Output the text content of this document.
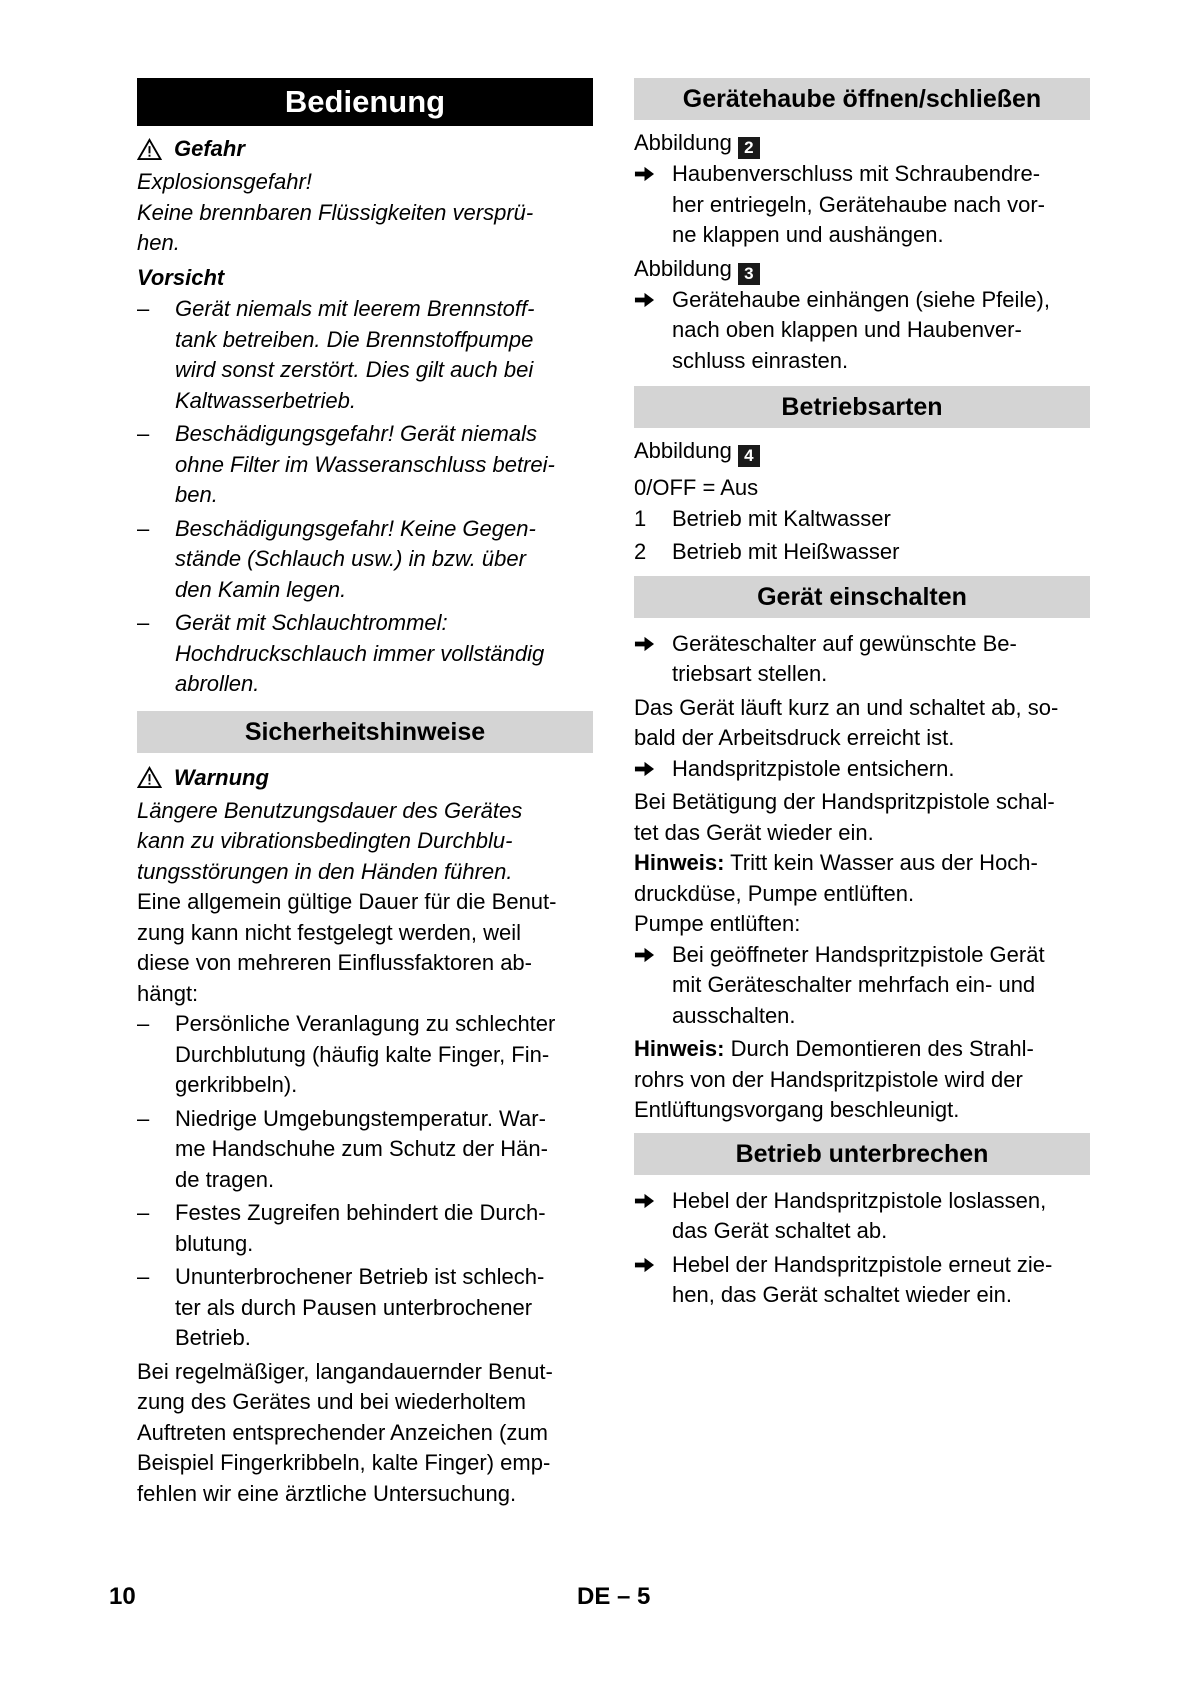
Bedienung
Gefahr

Explosionsgefahr!

Keine brennbaren Flüssigkeiten versprü-

hen.

Vorsicht

–	Gerät niemals mit leerem Brennstoff-

tank betreiben. Die Brennstoffpumpe

wird sonst zerstört. Dies gilt auch bei

Kaltwasserbetrieb.

–	Beschädigungsgefahr! Gerät niemals

ohne Filter im Wasseranschluss betrei-

ben.

–	Beschädigungsgefahr! Keine Gegen-

stände (Schlauch usw.) in bzw. über

den Kamin legen.

–	Gerät mit Schlauchtrommel:

Hochdruckschlauch immer vollständig

abrollen.

Sicherheitshinweise
Warnung

Längere Benutzungsdauer des Gerätes

kann zu vibrationsbedingten Durchblu-

tungsstörungen in den Händen führen.

Eine allgemein gültige Dauer für die Benut-

zung kann nicht festgelegt werden, weil

diese von mehreren Einflussfaktoren ab-

hängt:

–	Persönliche Veranlagung zu schlechter

Durchblutung (häufig kalte Finger, Fin-

gerkribbeln).

–	Niedrige Umgebungstemperatur. War-

me Handschuhe zum Schutz der Hän-

de tragen.

–	Festes Zugreifen behindert die Durch-

blutung.

–	Ununterbrochener Betrieb ist schlech-

ter als durch Pausen unterbrochener

Betrieb.

Bei regelmäßiger, langandauernder Benut-

zung des Gerätes und bei wiederholtem

Auftreten entsprechender Anzeichen (zum

Beispiel Fingerkribbeln, kalte Finger) emp-

fehlen wir eine ärztliche Untersuchung.

Gerätehaube öffnen/schließen

Abbildung 2

Haubenverschluss mit Schraubendre-

her entriegeln, Gerätehaube nach vor-

ne klappen und aushängen.

Abbildung 3

Gerätehaube einhängen (siehe Pfeile),

nach oben klappen und Haubenver-

schluss einrasten.

Betriebsarten

Abbildung 4

0/OFF = Aus

1	Betrieb mit Kaltwasser
2	Betrieb mit Heißwasser
Gerät einschalten

Geräteschalter auf gewünschte Be-

triebsart stellen.

Das Gerät läuft kurz an und schaltet ab, so-

bald der Arbeitsdruck erreicht ist.

Handspritzpistole entsichern.

Bei Betätigung der Handspritzpistole schal-

tet das Gerät wieder ein.

Hinweis: Tritt kein Wasser aus der Hoch-

druckdüse, Pumpe entlüften.

Pumpe entlüften:

Bei geöffneter Handspritzpistole Gerät

mit Geräteschalter mehrfach ein- und

ausschalten.

Hinweis: Durch Demontieren des Strahl-

rohrs von der Handspritzpistole wird der

Entlüftungsvorgang beschleunigt.

Betrieb unterbrechen

Hebel der Handspritzpistole loslassen,

das Gerät schaltet ab.

Hebel der Handspritzpistole erneut zie-

hen, das Gerät schaltet wieder ein.

10	DE – 5
